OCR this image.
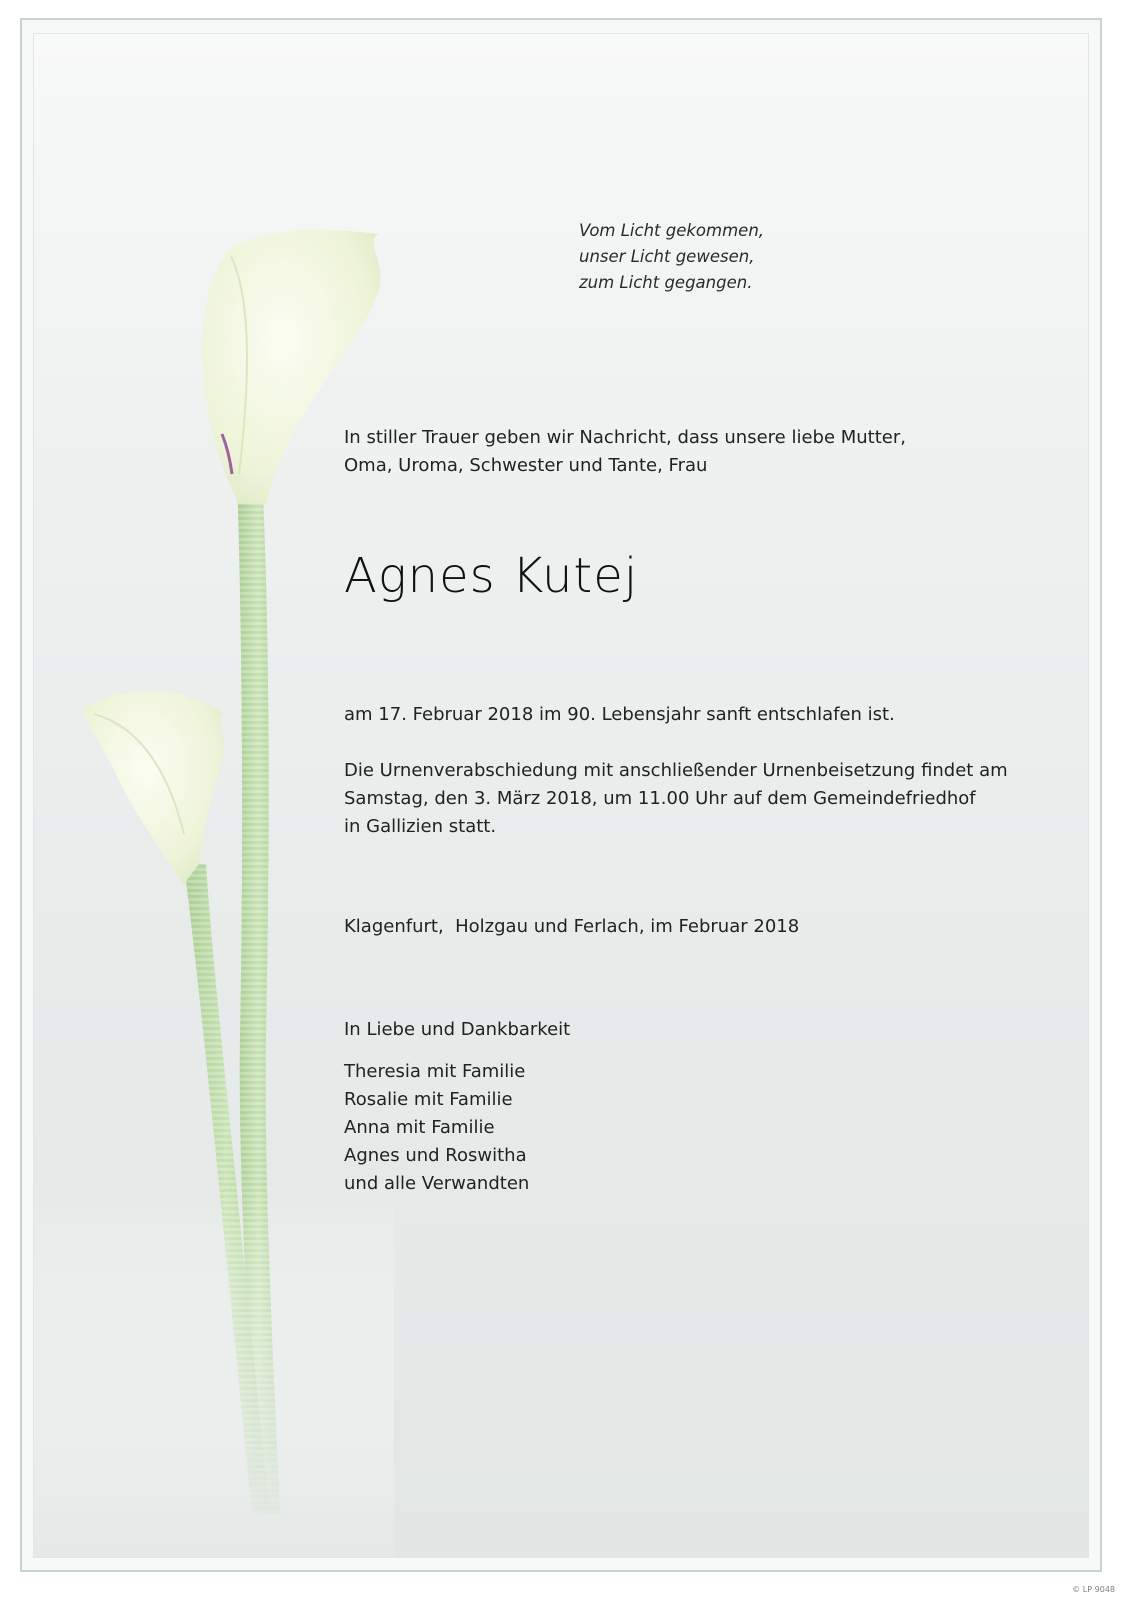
Vom Licht gekommen,
unser Licht gewesen,
zum Licht gegangen.
In stiller Trauer geben wir Nachricht, dass unsere liebe Mutter,
Oma, Uroma, Schwester und Tante, Frau
Agnes Kutej
am 17. Februar 2018 im 90. Lebensjahr sanft entschlafen ist.
Die Urnenverabschiedung mit anschließender Urnenbeisetzung findet am
Samstag, den 3. März 2018, um 11.00 Uhr auf dem Gemeindefriedhof
in Gallizien statt.
Klagenfurt,  Holzgau und Ferlach, im Februar 2018
In Liebe und Dankbarkeit
Theresia mit Familie
Rosalie mit Familie
Anna mit Familie
Agnes und Roswitha
und alle Verwandten
© LP 9048
